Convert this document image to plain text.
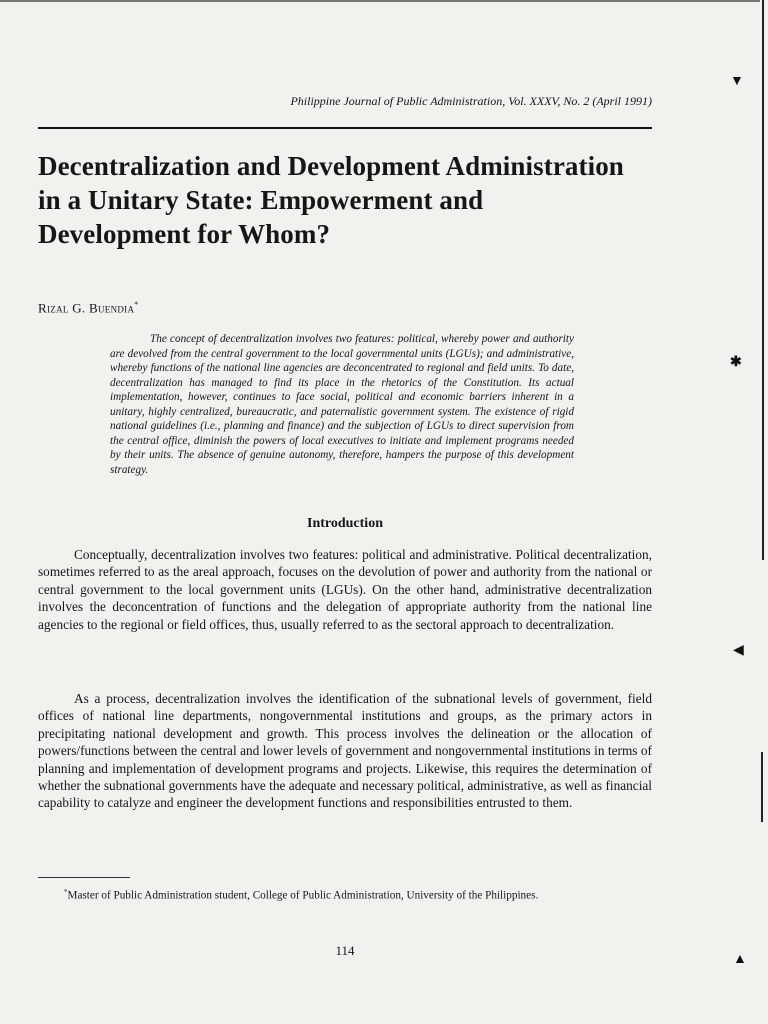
▼
✱
◀
▲
Philippine Journal of Public Administration, Vol. XXXV, No. 2 (April 1991)
Decentralization and Development Administration in a Unitary State: Empowerment and Development for Whom?
Rizal G. Buendia*

The concept of decentralization involves two features: political, whereby power and authority are devolved from the central government to the local governmental units (LGUs); and administrative, whereby functions of the national line agencies are deconcentrated to regional and field units. To date, decentralization has managed to find its place in the rhetorics of the Constitution. Its actual implementation, however, continues to face social, political and economic barriers inherent in a unitary, highly centralized, bureaucratic, and paternalistic government system. The existence of rigid national guidelines (i.e., planning and finance) and the subjection of LGUs to direct supervision from the central office, diminish the powers of local executives to initiate and implement programs needed by their units. The absence of genuine autonomy, therefore, hampers the purpose of this development strategy.

Introduction

Conceptually, decentralization involves two features: political and administrative. Political decentralization, sometimes referred to as the areal approach, focuses on the devolution of power and authority from the national or central government to the local government units (LGUs). On the other hand, administrative decentralization involves the deconcentration of functions and the delegation of appropriate authority from the national line agencies to the regional or field offices, thus, usually referred to as the sectoral approach to decentralization.

As a process, decentralization involves the identification of the subnational levels of government, field offices of national line departments, nongovernmental institutions and groups, as the primary actors in precipitating national development and growth. This process involves the delineation or the allocation of powers/functions between the central and lower levels of government and nongovernmental institutions in terms of planning and implementation of development programs and projects. Likewise, this requires the determination of whether the subnational governments have the adequate and necessary political, administrative, as well as financial capability to catalyze and engineer the development functions and responsibilities entrusted to them.

*Master of Public Administration student, College of Public Administration, University of the Philippines.

114
